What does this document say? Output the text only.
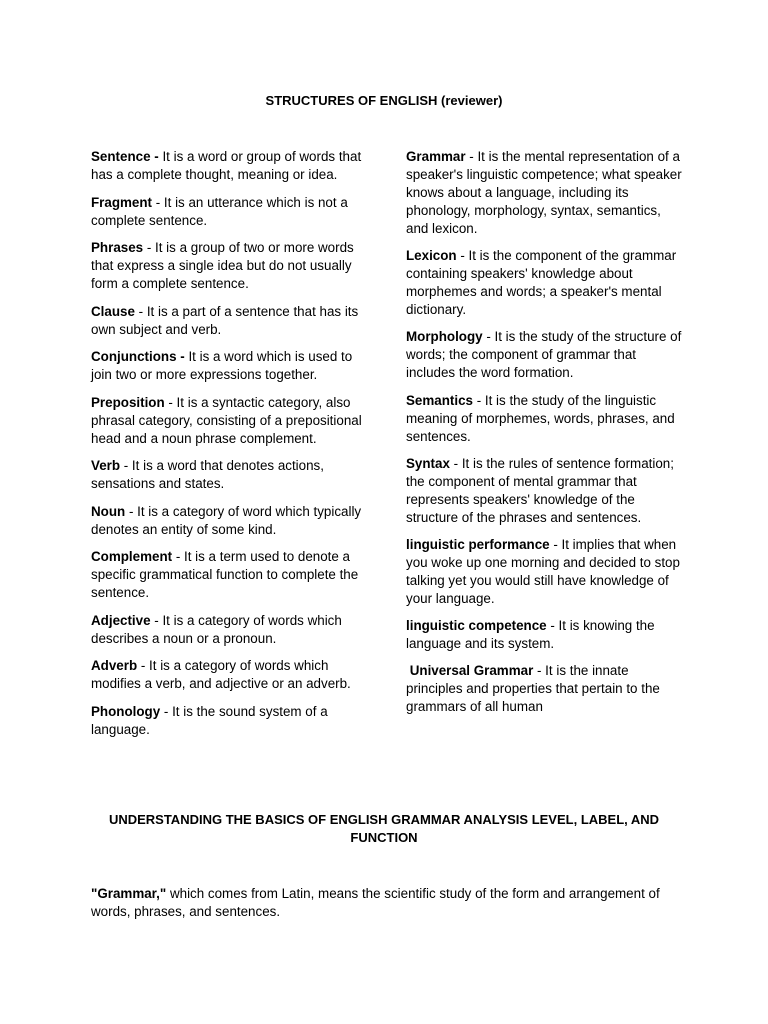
STRUCTURES OF ENGLISH (reviewer)

Sentence - It is a word or group of words that has a complete thought, meaning or idea.

Fragment - It is an utterance which is not a complete sentence.

Phrases - It is a group of two or more words that express a single idea but do not usually form a complete sentence.

Clause - It is a part of a sentence that has its own subject and verb.

Conjunctions - It is a word which is used to join two or more expressions together.

Preposition - It is a syntactic category, also phrasal category, consisting of a prepositional head and a noun phrase complement.

Verb - It is a word that denotes actions, sensations and states.

Noun - It is a category of word which typically denotes an entity of some kind.

Complement - It is a term used to denote a specific grammatical function to complete the sentence.

Adjective - It is a category of words which describes a noun or a pronoun.

Adverb - It is a category of words which modifies a verb, and adjective or an adverb.

Phonology - It is the sound system of a language.

Grammar - It is the mental representation of a speaker's linguistic competence; what speaker knows about a language, including its phonology, morphology, syntax, semantics, and lexicon.

Lexicon - It is the component of the grammar containing speakers' knowledge about morphemes and words; a speaker's mental dictionary.

Morphology - It is the study of the structure of words; the component of grammar that includes the word formation.

Semantics - It is the study of the linguistic meaning of morphemes, words, phrases, and sentences.

Syntax - It is the rules of sentence formation; the component of mental grammar that represents speakers' knowledge of the structure of the phrases and sentences.

linguistic performance - It implies that when you woke up one morning and decided to stop talking yet you would still have knowledge of your language.

linguistic competence - It is knowing the language and its system.

Universal Grammar - It is the innate principles and properties that pertain to the grammars of all human

UNDERSTANDING THE BASICS OF ENGLISH GRAMMAR ANALYSIS LEVEL, LABEL, AND FUNCTION

"Grammar," which comes from Latin, means the scientific study of the form and arrangement of words, phrases, and sentences.
